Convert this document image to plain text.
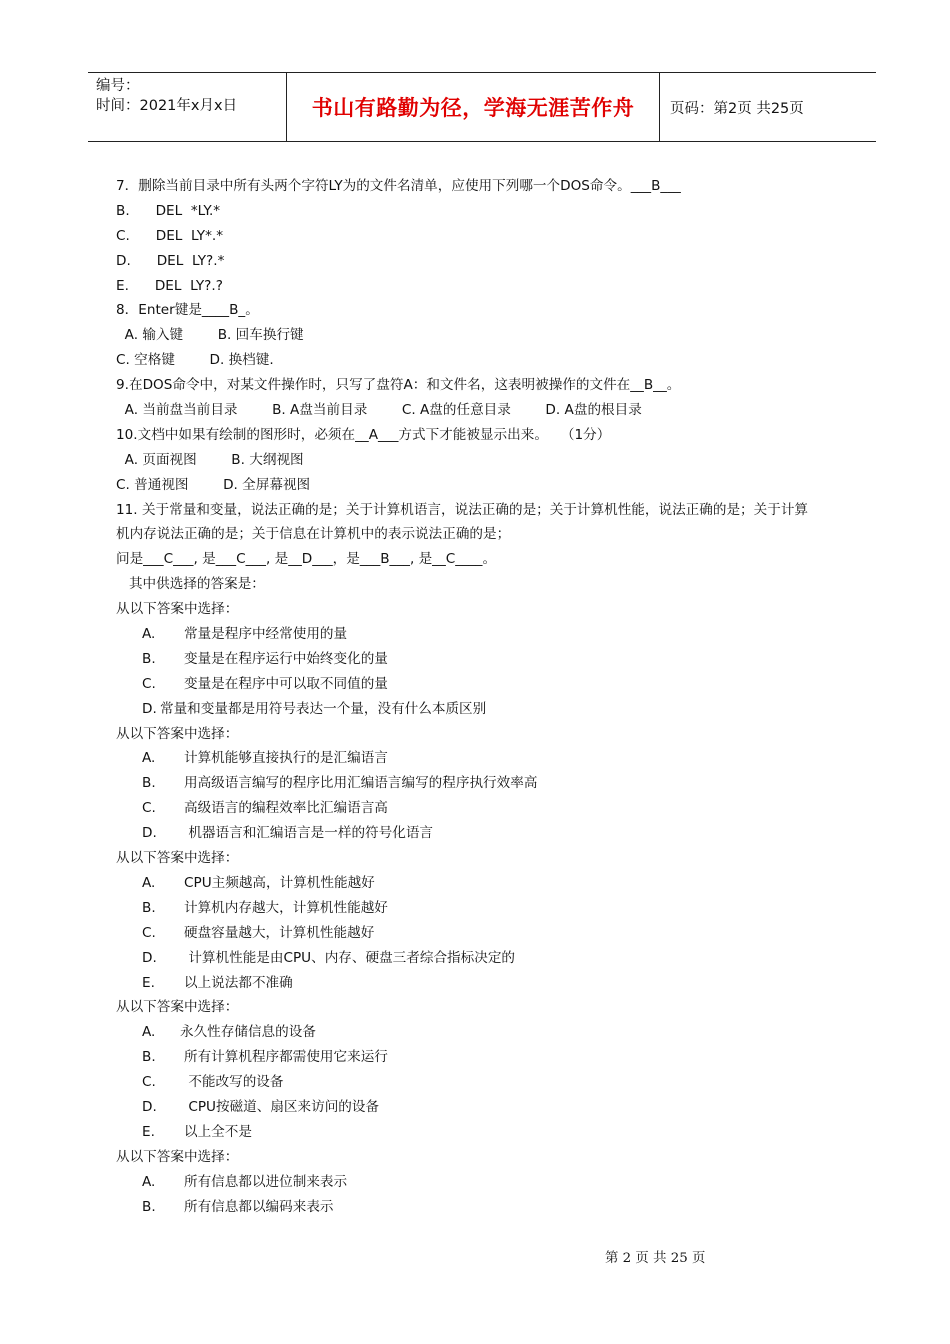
编号：
时间：2021年x月x日	书山有路勤为径，学海无涯苦作舟	页码：第2页 共25页
7．删除当前目录中所有头两个字符LY为的文件名清单，应使用下列哪一个DOS命令。___B___
B.      DEL  *LY.*
C.      DEL  LY*.*
D.      DEL  LY?.*
E.      DEL  LY?.?
8．Enter键是____B_。
A. 输入键        B. 回车换行键
C. 空格键        D. 换档键.
9.在DOS命令中，对某文件操作时，只写了盘符A：和文件名，这表明被操作的文件在__B__。
A. 当前盘当前目录        B. A盘当前目录        C. A盘的任意目录        D. A盘的根目录
10.文档中如果有绘制的图形时，必须在__A___方式下才能被显示出来。   （1分）
A. 页面视图        B. 大纲视图
C. 普通视图        D. 全屏幕视图
11. 关于常量和变量，说法正确的是；关于计算机语言，说法正确的是；关于计算机性能，说法正确的是；关于计算
机内存说法正确的是；关于信息在计算机中的表示说法正确的是；
问是___C___, 是___C___, 是__D___，是___B___, 是__C____。
其中供选择的答案是：
从以下答案中选择：
A. 常量是程序中经常使用的量
B. 变量是在程序运行中始终变化的量
C. 变量是在程序中可以取不同值的量
D. 常量和变量都是用符号表达一个量，没有什么本质区别
从以下答案中选择：
A. 计算机能够直接执行的是汇编语言
B. 用高级语言编写的程序比用汇编语言编写的程序执行效率高
C. 高级语言的编程效率比汇编语言高
D. 机器语言和汇编语言是一样的符号化语言
从以下答案中选择：
A. CPU主频越高，计算机性能越好
B. 计算机内存越大，计算机性能越好
C. 硬盘容量越大，计算机性能越好
D. 计算机性能是由CPU、内存、硬盘三者综合指标决定的
E. 以上说法都不准确
从以下答案中选择：
A. 永久性存储信息的设备
B. 所有计算机程序都需使用它来运行
C. 不能改写的设备
D. CPU按磁道、扇区来访问的设备
E. 以上全不是
从以下答案中选择：
A. 所有信息都以进位制来表示
B. 所有信息都以编码来表示
第 2 页 共 25 页
